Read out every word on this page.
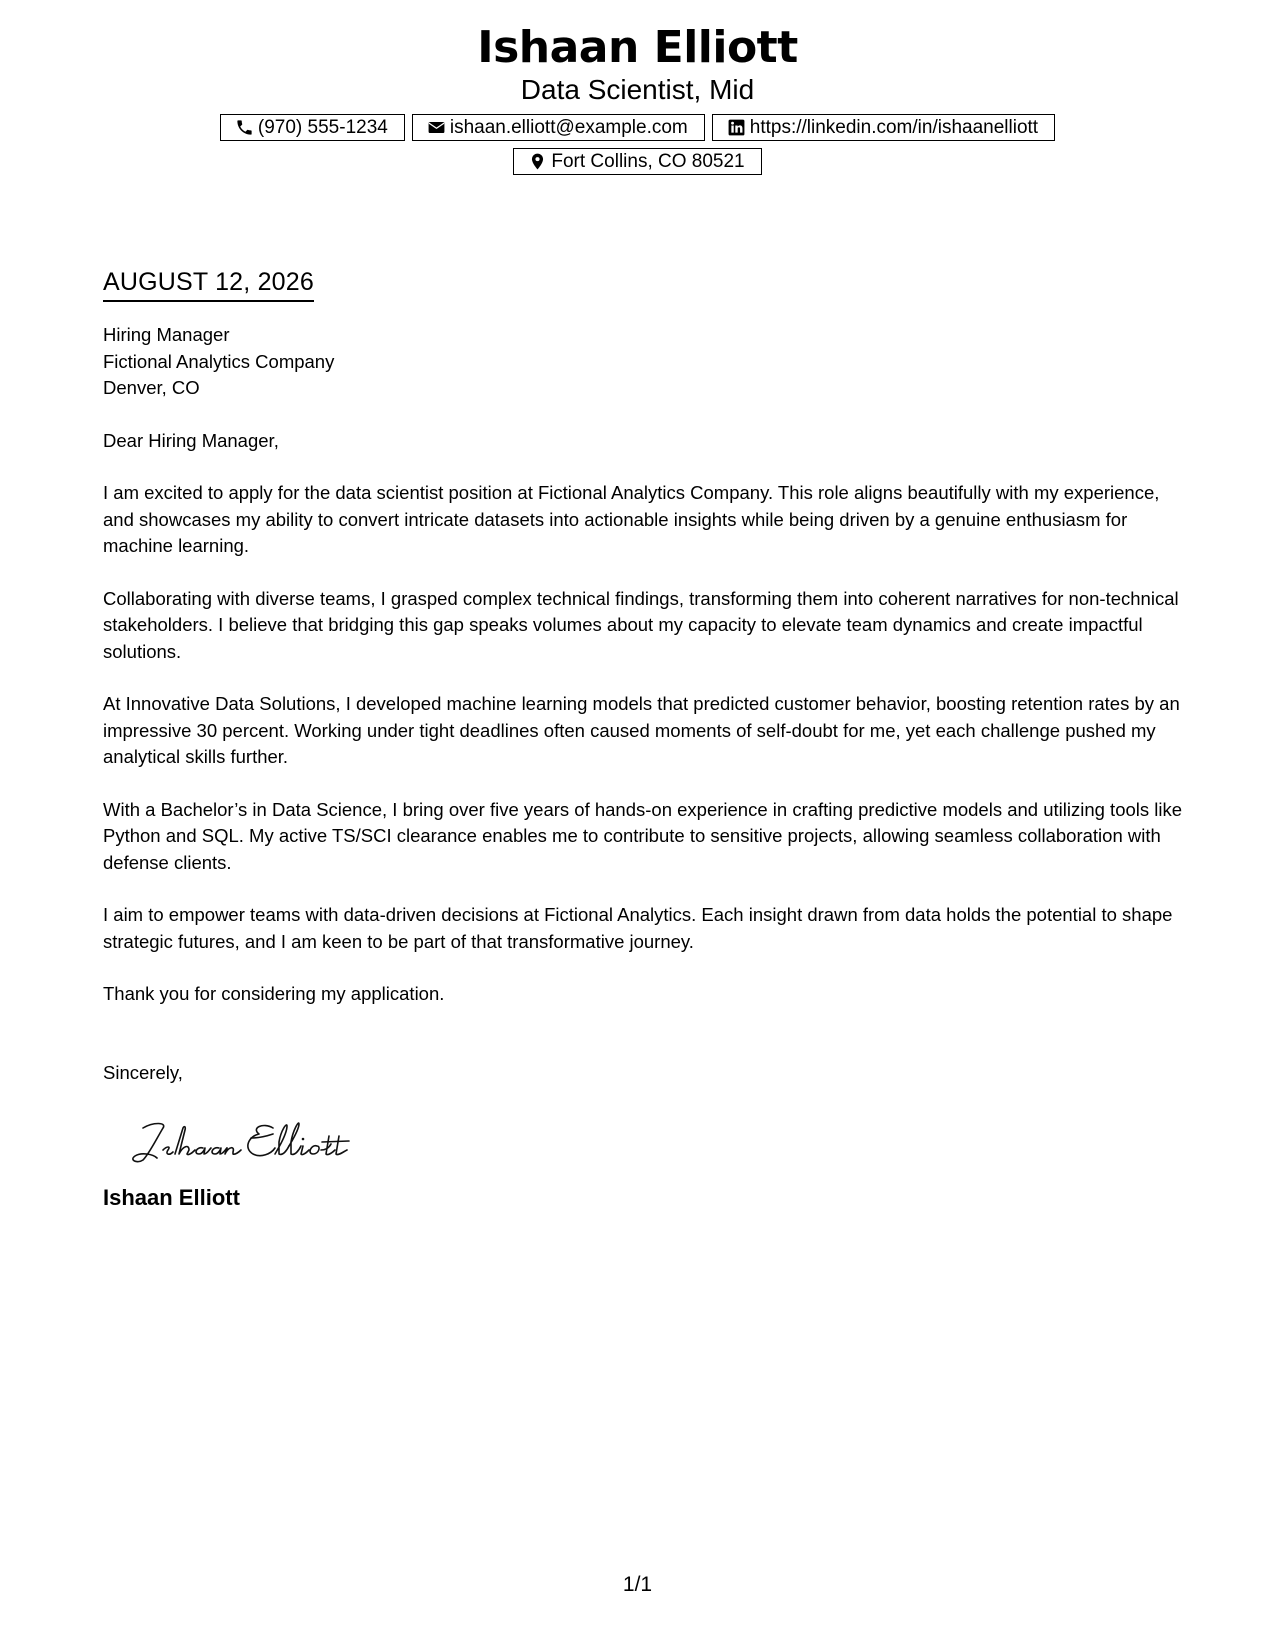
Ishaan Elliott
Data Scientist, Mid
(970) 555-1234	ishaan.elliott@example.com	https://linkedin.com/in/ishaanelliott
Fort Collins, CO 80521
AUGUST 12, 2026
Hiring Manager
Fictional Analytics Company
Denver, CO
Dear Hiring Manager,
I am excited to apply for the data scientist position at Fictional Analytics Company. This role aligns beautifully with my experience, and showcases my ability to convert intricate datasets into actionable insights while being driven by a genuine enthusiasm for machine learning.
Collaborating with diverse teams, I grasped complex technical findings, transforming them into coherent narratives for non-technical stakeholders. I believe that bridging this gap speaks volumes about my capacity to elevate team dynamics and create impactful solutions.
At Innovative Data Solutions, I developed machine learning models that predicted customer behavior, boosting retention rates by an impressive 30 percent. Working under tight deadlines often caused moments of self-doubt for me, yet each challenge pushed my analytical skills further.
With a Bachelor’s in Data Science, I bring over five years of hands-on experience in crafting predictive models and utilizing tools like Python and SQL. My active TS/SCI clearance enables me to contribute to sensitive projects, allowing seamless collaboration with defense clients.
I aim to empower teams with data-driven decisions at Fictional Analytics. Each insight drawn from data holds the potential to shape strategic futures, and I am keen to be part of that transformative journey.
Thank you for considering my application.
Sincerely,
Ishaan Elliott
1/1
